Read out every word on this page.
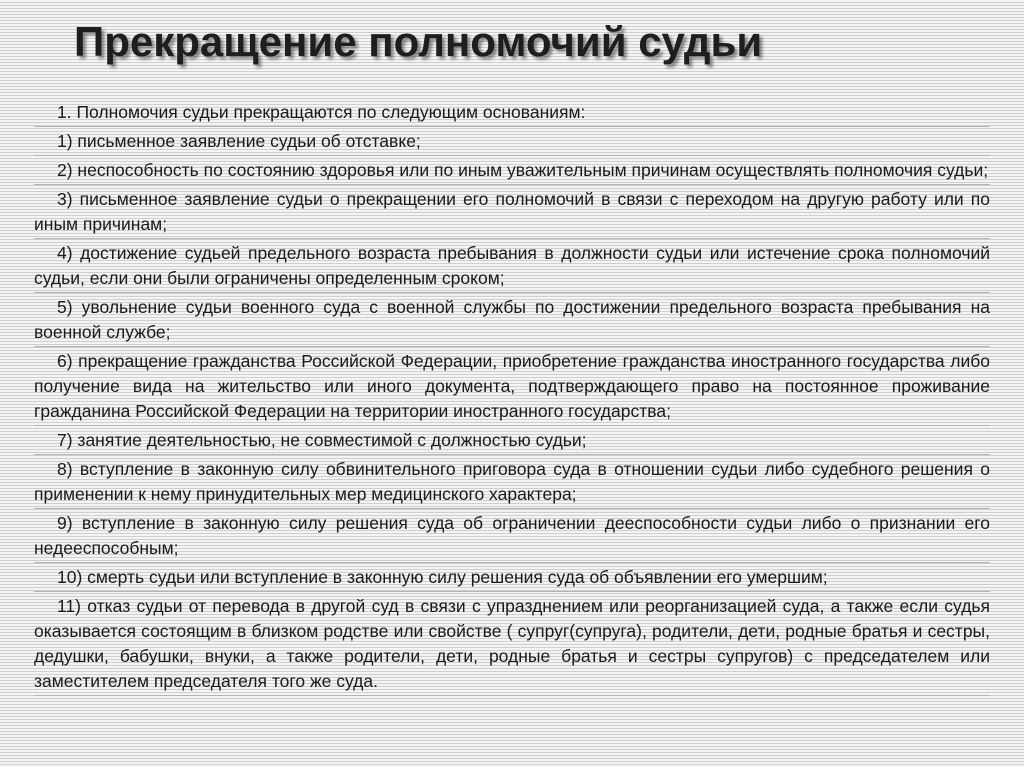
Прекращение полномочий судьи

1. Полномочия судьи прекращаются по следующим основаниям:

1) письменное заявление судьи об отставке;

2) неспособность по состоянию здоровья или по иным уважительным причинам осуществлять полномочия судьи;

3) письменное заявление судьи о прекращении его полномочий в связи с переходом на другую работу или по иным причинам;

4) достижение судьей предельного возраста пребывания в должности судьи или истечение срока полномочий судьи, если они были ограничены определенным сроком;

5) увольнение судьи военного суда с военной службы по достижении предельного возраста пребывания на военной службе;

6) прекращение гражданства Российской Федерации, приобретение гражданства иностранного государства либо получение вида на жительство или иного документа, подтверждающего право на постоянное проживание гражданина Российской Федерации на территории иностранного государства;

7) занятие деятельностью, не совместимой с должностью судьи;

8) вступление в законную силу обвинительного приговора суда в отношении судьи либо судебного решения о применении к нему принудительных мер медицинского характера;

9) вступление в законную силу решения суда об ограничении дееспособности судьи либо о признании его недееспособным;

10) смерть судьи или вступление в законную силу решения суда об объявлении его умершим;

11) отказ судьи от перевода в другой суд в связи с упразднением или реорганизацией суда, а также если судья оказывается состоящим в близком родстве или свойстве ( супруг(супруга), родители, дети, родные братья и сестры, дедушки, бабушки, внуки, а также родители, дети, родные братья и сестры супругов) с председателем или заместителем председателя того же суда.
